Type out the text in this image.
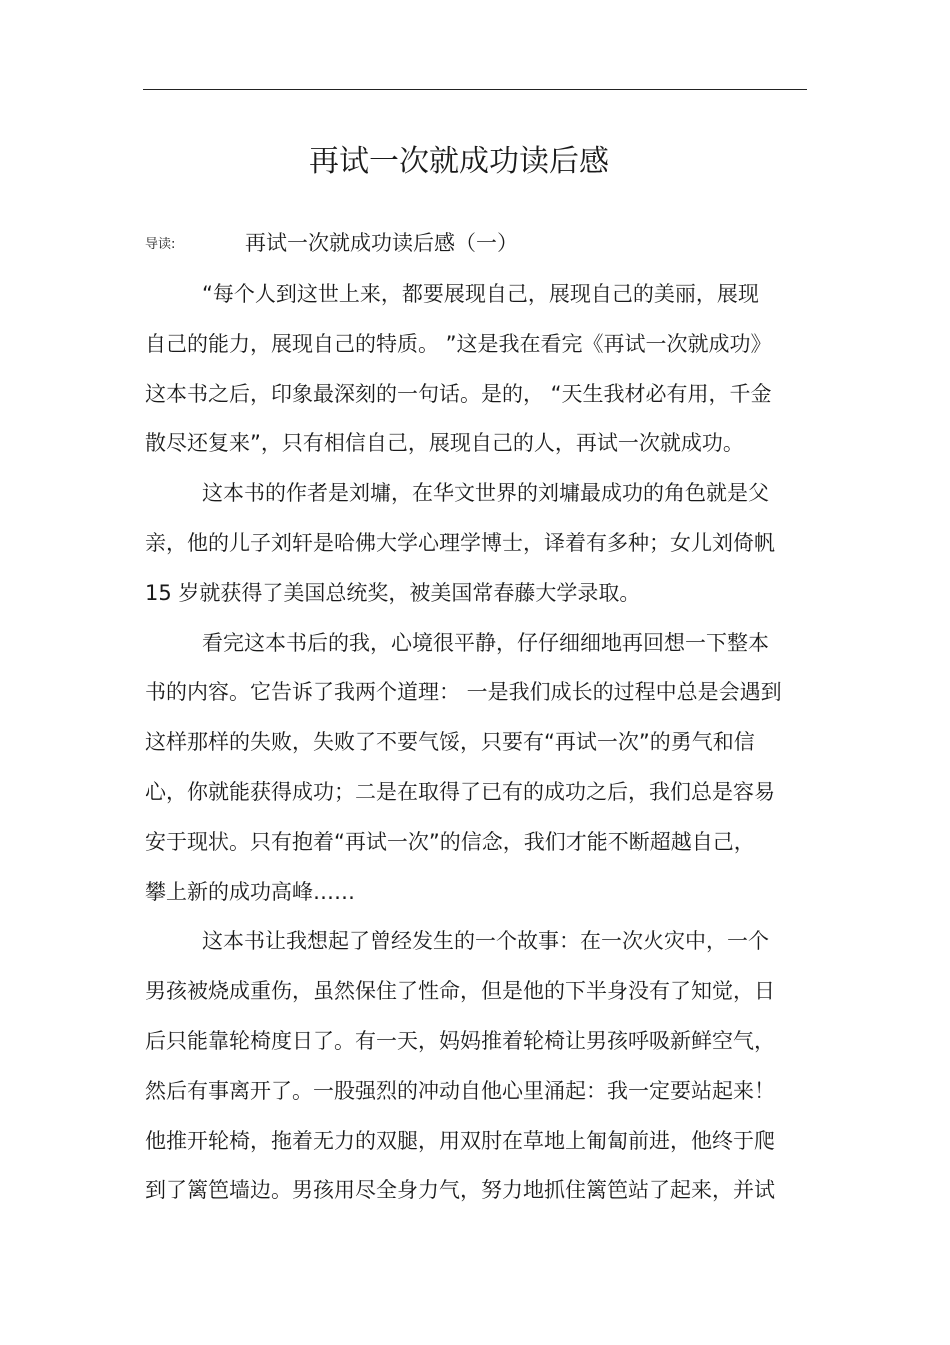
再试一次就成功读后感
导读:	再试一次就成功读后感（一）
“每个人到这世上来，都要展现自己，展现自己的美丽，展现
自己的能力，展现自己的特质。 ”这是我在看完《再试一次就成功》
这本书之后，印象最深刻的一句话。是的， “天生我材必有用，千金
散尽还复来”，只有相信自己，展现自己的人，再试一次就成功。
这本书的作者是刘墉，在华文世界的刘墉最成功的角色就是父
亲，他的儿子刘轩是哈佛大学心理学博士，译着有多种；女儿刘倚帆
15 岁就获得了美国总统奖，被美国常春藤大学录取。
看完这本书后的我，心境很平静，仔仔细细地再回想一下整本
书的内容。它告诉了我两个道理： 一是我们成长的过程中总是会遇到
这样那样的失败，失败了不要气馁，只要有“再试一次”的勇气和信
心，你就能获得成功；二是在取得了已有的成功之后，我们总是容易
安于现状。只有抱着“再试一次”的信念，我们才能不断超越自己，
攀上新的成功高峰……
这本书让我想起了曾经发生的一个故事：在一次火灾中，一个
男孩被烧成重伤，虽然保住了性命，但是他的下半身没有了知觉，日
后只能靠轮椅度日了。有一天，妈妈推着轮椅让男孩呼吸新鲜空气，
然后有事离开了。一股强烈的冲动自他心里涌起：我一定要站起来！
他推开轮椅，拖着无力的双腿，用双肘在草地上匍匐前进，他终于爬
到了篱笆墙边。男孩用尽全身力气，努力地抓住篱笆站了起来，并试
